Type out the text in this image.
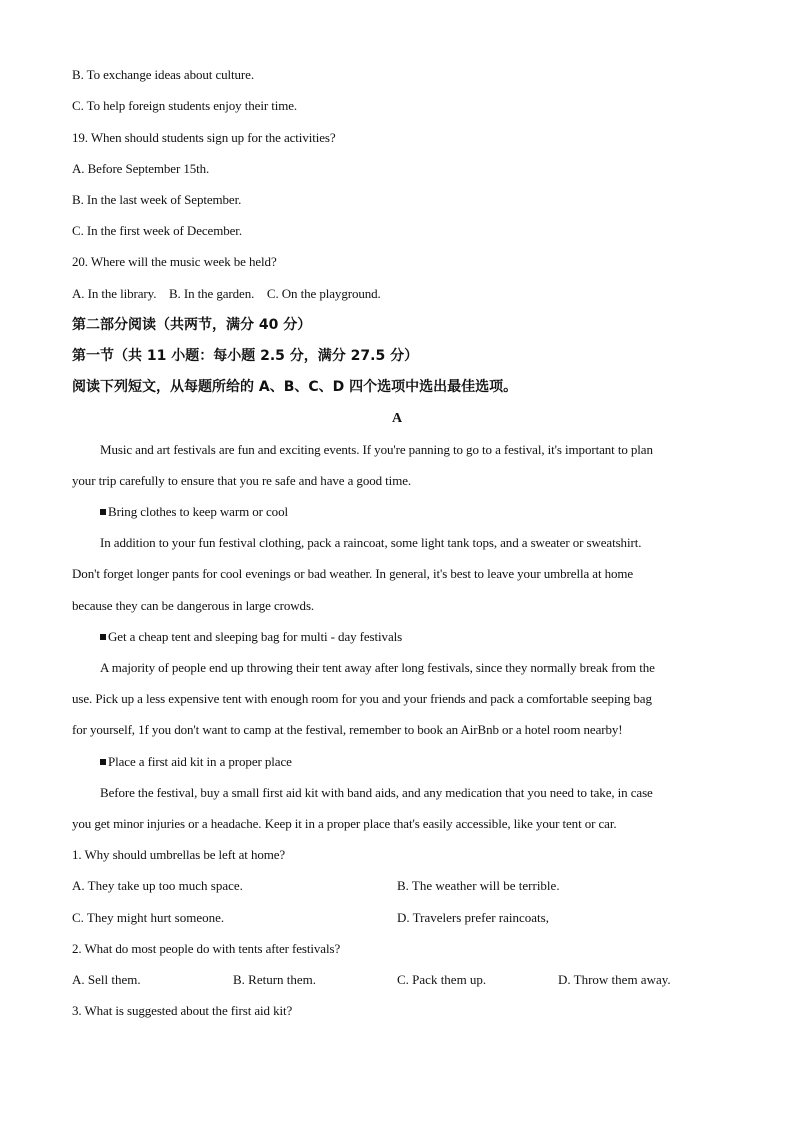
B. To exchange ideas about culture.
C. To help foreign students enjoy their time.
19. When should students sign up for the activities?
A. Before September 15th.
B. In the last week of September.
C. In the first week of December.
20. Where will the music week be held?
A. In the library. B. In the garden. C. On the playground.
第二部分阅读（共两节，满分 40 分）
第一节（共 11 小题：每小题 2.5 分，满分 27.5 分）
阅读下列短文，从每题所给的 A、B、C、D 四个选项中选出最佳选项。
A
Music and art festivals are fun and exciting events. If you're panning to go to a festival, it's important to plan
your trip carefully to ensure that you re safe and have a good time.
Bring clothes to keep warm or cool
In addition to your fun festival clothing, pack a raincoat, some light tank tops, and a sweater or sweatshirt.
Don't forget longer pants for cool evenings or bad weather. In general, it's best to leave your umbrella at home
because they can be dangerous in large crowds.
Get a cheap tent and sleeping bag for multi - day festivals
A majority of people end up throwing their tent away after long festivals, since they normally break from the
use. Pick up a less expensive tent with enough room for you and your friends and pack a comfortable seeping bag
for yourself, 1f you don't want to camp at the festival, remember to book an AirBnb or a hotel room nearby!
Place a first aid kit in a proper place
Before the festival, buy a small first aid kit with band aids, and any medication that you need to take, in case
you get minor injuries or a headache. Keep it in a proper place that's easily accessible, like your tent or car.
1. Why should umbrellas be left at home?
A. They take up too much space.	B. The weather will be terrible.
C. They might hurt someone.	D. Travelers prefer raincoats,
2. What do most people do with tents after festivals?
A. Sell them.	B. Return them.	C. Pack them up.	D. Throw them away.
3. What is suggested about the first aid kit?
